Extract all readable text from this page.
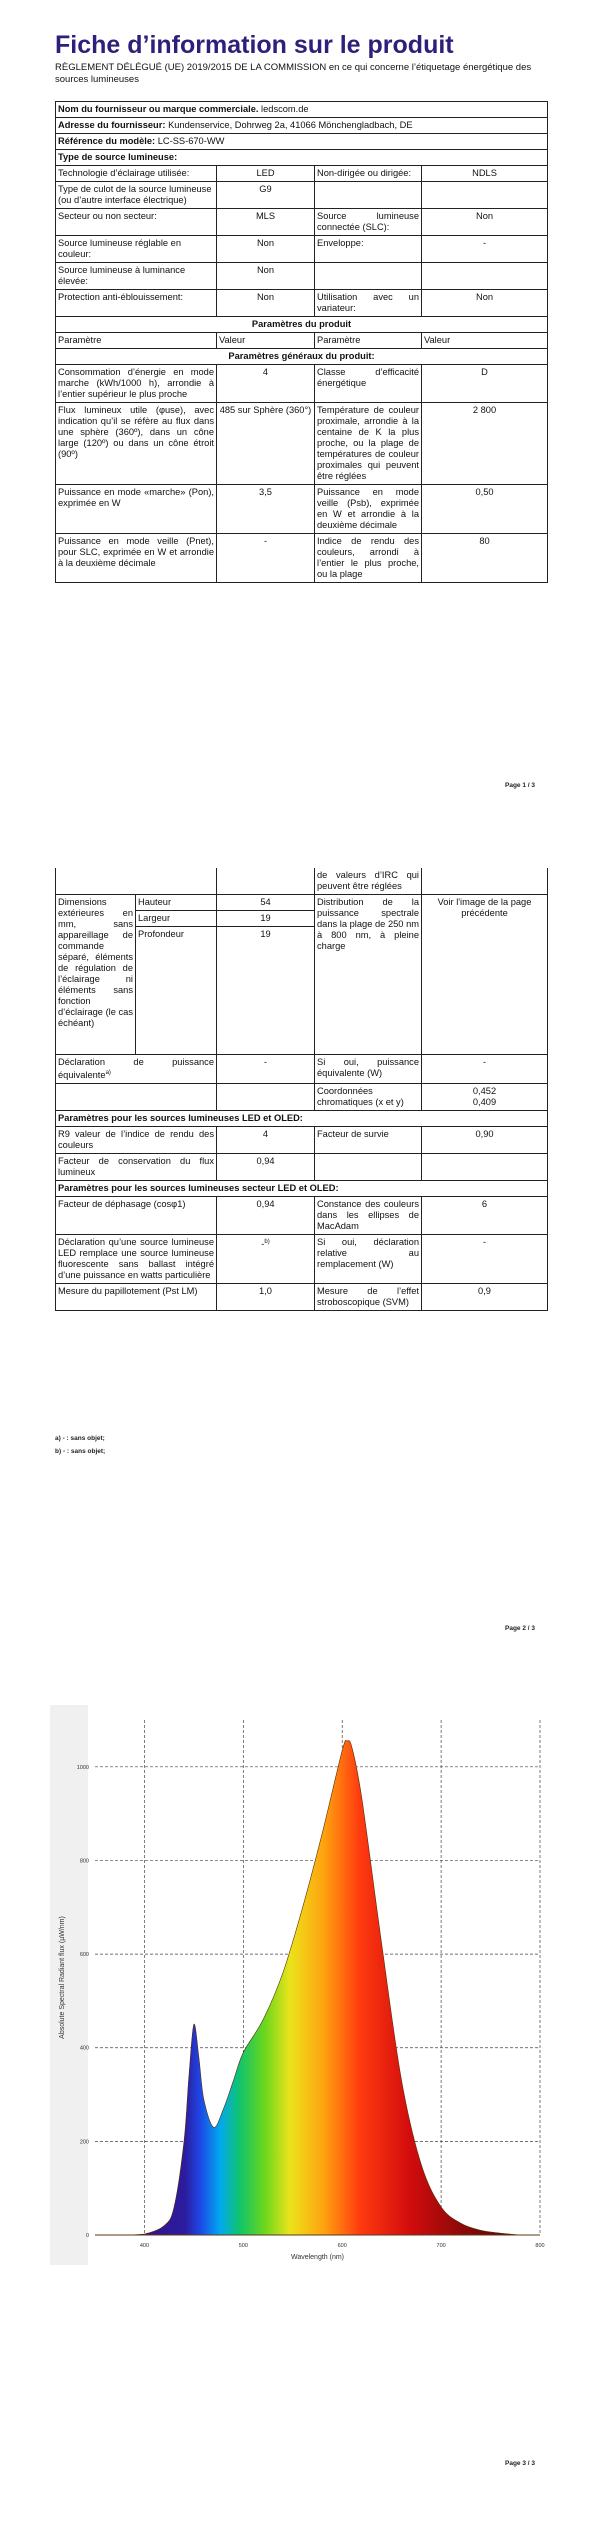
Fiche d’information sur le produit
RÈGLEMENT DÉLÉGUÉ (UE) 2019/2015 DE LA COMMISSION en ce qui concerne l’étiquetage énergétique des sources lumineuses
Nom du fournisseur ou marque commerciale. ledscom.de			
Adresse du fournisseur: Kundenservice, Dohrweg 2a, 41066 Mönchengladbach, DE			
Référence du modèle: LC-SS-670-WW			
Type de source lumineuse:			
Technologie d’éclairage utilisée:	LED	Non-dirigée ou dirigée:	NDLS
Type de culot de la source lumineuse
(ou d’autre interface électrique)	G9		
Secteur ou non secteur:	MLS	Source lumineuse connectée (SLC):	Non
Source lumineuse réglable en couleur:	Non	Enveloppe:	-
Source lumineuse à luminance élevée:	Non		
Protection anti-éblouissement:	Non	Utilisation avec un variateur:	Non
Paramètres du produit			
Paramètre	Valeur	Paramètre	Valeur
Paramètres généraux du produit:			
Consommation d’énergie en mode marche (kWh/1000 h), arrondie à l’entier supérieur le plus proche	4	Classe d’efficacité énergétique	D
Flux lumineux utile (φuse), avec indication qu’il se réfère au flux dans une sphère (360º), dans un cône large (120º) ou dans un cône étroit (90º)	485 sur Sphère (360°)	Température de couleur proximale, arrondie à la centaine de K la plus proche, ou la plage de températures de couleur proximales qui peuvent être réglées	2 800
Puissance en mode «marche» (Pon), exprimée en W	3,5	Puissance en mode veille (Psb), exprimée en W et arrondie à la deuxième décimale	0,50
Puissance en mode veille (Pnet), pour SLC, exprimée en W et arrondie à la deuxième décimale	-	Indice de rendu des couleurs, arrondi à l’entier le plus proche, ou la plage	80
Page 1 / 3
			de valeurs d’IRC qui peuvent être réglées	
Dimensions extérieures en mm, sans appareillage de commande séparé, éléments de régulation de l’éclairage ni éléments sans fonction d’éclairage (le cas échéant)	Hauteur	54	Distribution de la puissance spectrale dans la plage de 250 nm à 800 nm, à pleine charge	Voir l'image de la page précédente
	Largeur	19		
	Profondeur	19		
Déclaration de puissance équivalente$^{a)}$		-	Si oui, puissance équivalente (W)	-
			Coordonnées chromatiques (x et y)	0,452
0,409

Paramètres pour les sources lumineuses LED et OLED:				
R9 valeur de l’indice de rendu des couleurs		4	Facteur de survie	0,90
Facteur de conservation du flux lumineux		0,94		
Paramètres pour les sources lumineuses secteur LED et OLED:				
Facteur de déphasage (cosφ1)		0,94	Constance des couleurs dans les ellipses de MacAdam	6
Déclaration qu’une source lumineuse LED remplace une source lumineuse fluorescente sans ballast intégré d’une puissance en watts particulière		-$^{b)}$	Si oui, déclaration relative au remplacement (W)	-
Mesure du papillotement (Pst LM)		1,0	Mesure de l’effet stroboscopique (SVM)	0,9
a) - : sans objet;
b) - : sans objet;
Page 2 / 3
400	500	600	700	800
0
200
400
600
800
1000
Wavelength (nm)
Absolute Spectral Radiant flux (µW/nm)
Page 3 / 3
